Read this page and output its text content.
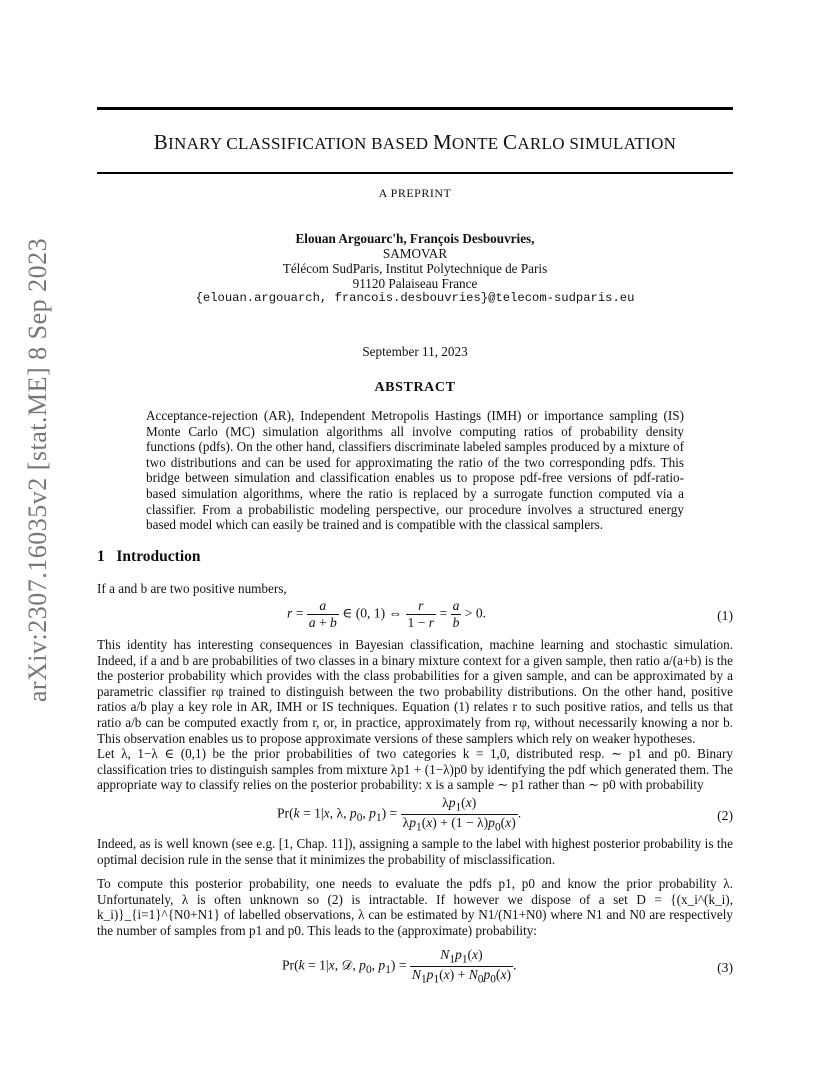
arXiv:2307.16035v2 [stat.ME] 8 Sep 2023
BINARY CLASSIFICATION BASED MONTE CARLO SIMULATION
A PREPRINT
Elouan Argouarc'h, François Desbouvries,
SAMOVAR
Télécom SudParis, Institut Polytechnique de Paris
91120 Palaiseau France
{elouan.argouarch, francois.desbouvries}@telecom-sudparis.eu
September 11, 2023
ABSTRACT
Acceptance-rejection (AR), Independent Metropolis Hastings (IMH) or importance sampling (IS) Monte Carlo (MC) simulation algorithms all involve computing ratios of probability density functions (pdfs). On the other hand, classifiers discriminate labeled samples produced by a mixture of two distributions and can be used for approximating the ratio of the two corresponding pdfs. This bridge between simulation and classification enables us to propose pdf-free versions of pdf-ratio-based simulation algorithms, where the ratio is replaced by a surrogate function computed via a classifier. From a probabilistic modeling perspective, our procedure involves a structured energy based model which can easily be trained and is compatible with the classical samplers.
1 Introduction
If a and b are two positive numbers,
$r = \frac{a}{a + b}$ ∈ (0, 1) ⇔ $\frac{r}{1 - r} = \frac{a}{b} > 0$.	(1)
This identity has interesting consequences in Bayesian classification, machine learning and stochastic simulation. Indeed, if a and b are probabilities of two classes in a binary mixture context for a given sample, then ratio a/(a+b) is the the posterior probability which provides with the class probabilities for a given sample, and can be approximated by a parametric classifier rφ trained to distinguish between the two probability distributions. On the other hand, positive ratios a/b play a key role in AR, IMH or IS techniques. Equation (1) relates r to such positive ratios, and tells us that ratio a/b can be computed exactly from r, or, in practice, approximately from rφ, without necessarily knowing a nor b. This observation enables us to propose approximate versions of these samplers which rely on weaker hypotheses.
Let λ, 1−λ ∈ (0,1) be the prior probabilities of two categories k = 1,0, distributed resp. ∼ p1 and p0. Binary classification tries to distinguish samples from mixture λp1 + (1−λ)p0 by identifying the pdf which generated them. The appropriate way to classify relies on the posterior probability: x is a sample ∼ p1 rather than ∼ p0 with probability
Pr(k = 1|x, λ, $p_0$, $p_1) = \frac{\lambda p_1(x)}{\lambda p_1(x) + (1 - \lambda)p_0(x)}$ .	(2)
Indeed, as is well known (see e.g. [1, Chap. 11]), assigning a sample to the label with highest posterior probability is the optimal decision rule in the sense that it minimizes the probability of misclassification.
To compute this posterior probability, one needs to evaluate the pdfs p1, p0 and know the prior probability λ. Unfortunately, λ is often unknown so (2) is intractable. If however we dispose of a set D = {(x_i^(k_i), k_i)}_{i=1}^{N0+N1} of labelled observations, λ can be estimated by N1/(N1+N0) where N1 and N0 are respectively the number of samples from p1 and p0. This leads to the (approximate) probability:
Pr(k = 1|x, 𝒟, $p_0$, $p_1) = \frac{N_1p_1(x)}{N_1p_1(x) + N_0p_0(x)}$ .	(3)
